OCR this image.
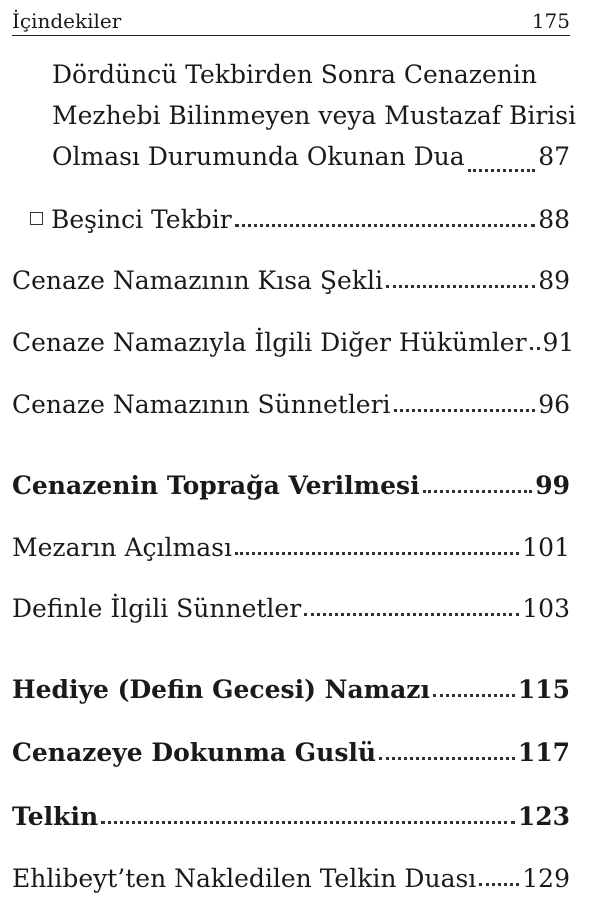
İçindekiler	175
Dördüncü Tekbirden Sonra Cenazenin
Mezhebi Bilinmeyen veya Mustazaf Birisi
Olması Durumunda Okunan Dua	87
Beşinci Tekbir	88
Cenaze Namazının Kısa Şekli	89
Cenaze Namazıyla İlgili Diğer Hükümler 91
Cenaze Namazının Sünnetleri	96
Cenazenin Toprağa Verilmesi	99
Mezarın Açılması	101
Definle İlgili Sünnetler	103
Hediye (Defin Gecesi) Namazı	115
Cenazeye Dokunma Guslü	117
Telkin	123
Ehlibeyt’ten Nakledilen Telkin Duası 129
